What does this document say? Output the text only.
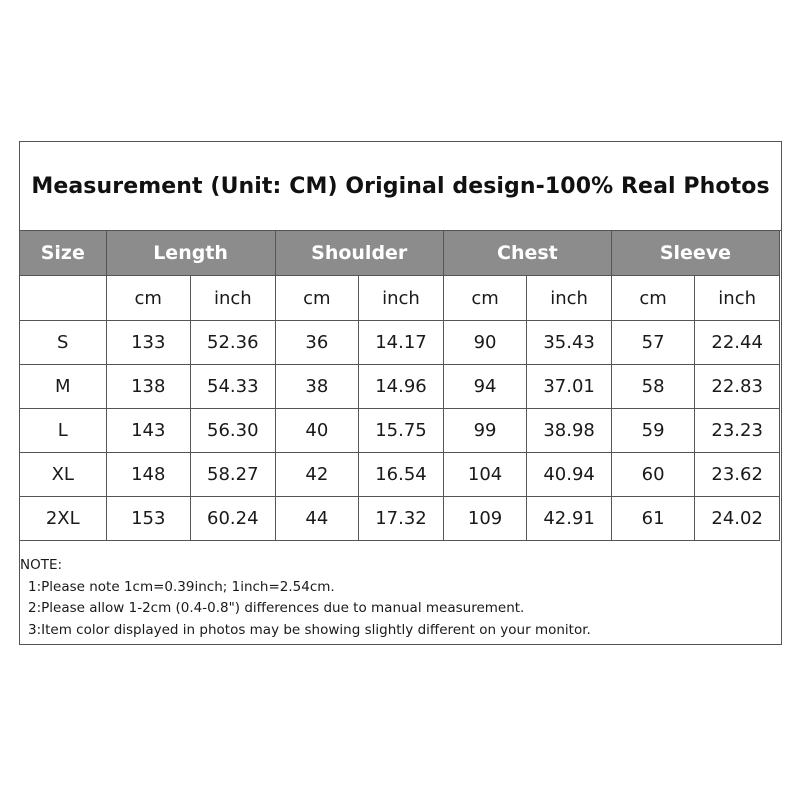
Measurement (Unit: CM) Original design-100% Real Photos
Size	Length		Shoulder		Chest		Sleeve	
	cm	inch	cm	inch	cm	inch	cm	inch
S	133	52.36	36	14.17	90	35.43	57	22.44
M	138	54.33	38	14.96	94	37.01	58	22.83
L	143	56.30	40	15.75	99	38.98	59	23.23
XL	148	58.27	42	16.54	104	40.94	60	23.62
2XL	153	60.24	44	17.32	109	42.91	61	24.02
NOTE:
1:Please note 1cm=0.39inch; 1inch=2.54cm.
2:Please allow 1-2cm (0.4-0.8") differences due to manual measurement.
3:Item color displayed in photos may be showing slightly different on your monitor.
